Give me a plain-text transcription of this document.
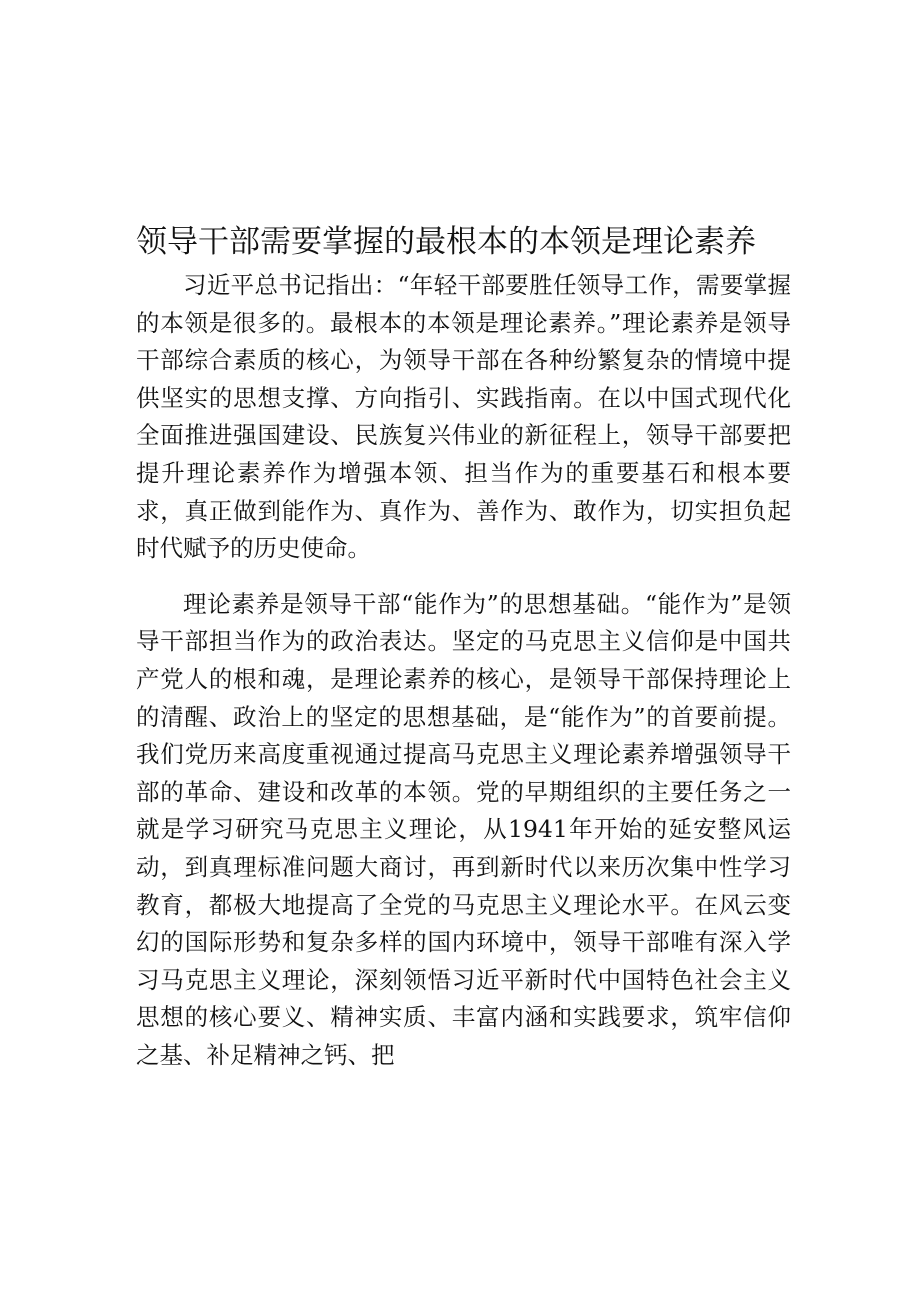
领导干部需要掌握的最根本的本领是理论素养

习近平总书记指出：“年轻干部要胜任领导工作，需要掌握的本领是很多的。最根本的本领是理论素养。”理论素养是领导干部综合素质的核心，为领导干部在各种纷繁复杂的情境中提供坚实的思想支撑、方向指引、实践指南。在以中国式现代化全面推进强国建设、民族复兴伟业的新征程上，领导干部要把提升理论素养作为增强本领、担当作为的重要基石和根本要求，真正做到能作为、真作为、善作为、敢作为，切实担负起时代赋予的历史使命。

理论素养是领导干部“能作为”的思想基础。“能作为”是领导干部担当作为的政治表达。坚定的马克思主义信仰是中国共产党人的根和魂，是理论素养的核心，是领导干部保持理论上的清醒、政治上的坚定的思想基础，是“能作为”的首要前提。我们党历来高度重视通过提高马克思主义理论素养增强领导干部的革命、建设和改革的本领。党的早期组织的主要任务之一就是学习研究马克思主义理论，从1941年开始的延安整风运动，到真理标准问题大商讨，再到新时代以来历次集中性学习教育，都极大地提高了全党的马克思主义理论水平。在风云变幻的国际形势和复杂多样的国内环境中，领导干部唯有深入学习马克思主义理论，深刻领悟习近平新时代中国特色社会主义思想的核心要义、精神实质、丰富内涵和实践要求，筑牢信仰之基、补足精神之钙、把
